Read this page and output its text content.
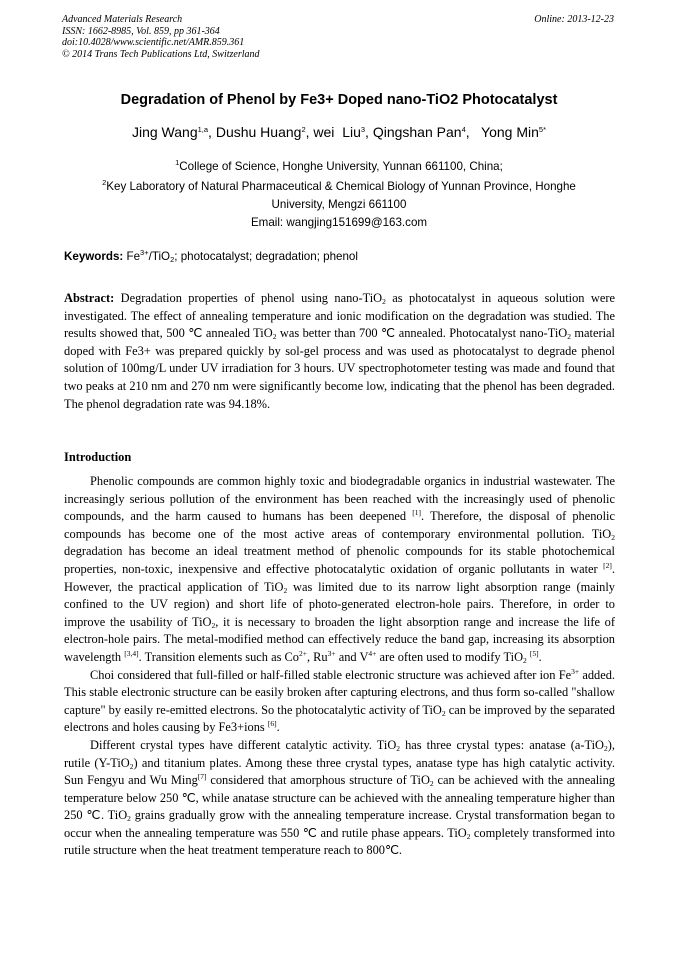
Advanced Materials Research
ISSN: 1662-8985, Vol. 859, pp 361-364
doi:10.4028/www.scientific.net/AMR.859.361
© 2014 Trans Tech Publications Ltd, Switzerland
Online: 2013-12-23
Degradation of Phenol by Fe3+ Doped nano-TiO2 Photocatalyst
Jing Wang$^{1,a}$, Dushu Huang$^2$, wei  Liu$^3$, Qingshan Pan$^4$,   Yong Min$^{5*}$
$^1$College of Science, Honghe University, Yunnan 661100, China;
$^2$Key Laboratory of Natural Pharmaceutical & Chemical Biology of Yunnan Province, Honghe
University, Mengzi 661100
Email: wangjing151699@163.com
Keywords: $Fe^{3+}/TiO_2$; photocatalyst; degradation; phenol

Abstract: Degradation properties of phenol using nano-TiO$_2$ as photocatalyst in aqueous solution were investigated. The effect of annealing temperature and ionic modification on the degradation was studied. The results showed that, 500 ℃ annealed TiO$_2$ was better than 700 ℃ annealed. Photocatalyst nano-TiO$_2$ material doped with Fe3+ was prepared quickly by sol-gel process and was used as photocatalyst to degrade phenol solution of 100mg/L under UV irradiation for 3 hours. UV spectrophotometer testing was made and found that two peaks at 210 nm and 270 nm were significantly become low, indicating that the phenol has been degraded. The phenol degradation rate was 94.18%.

Introduction

Phenolic compounds are common highly toxic and biodegradable organics in industrial wastewater. The increasingly serious pollution of the environment has been reached with the increasingly used of phenolic compounds, and the harm caused to humans has been deepened [1]. Therefore, the disposal of phenolic compounds has become one of the most active areas of contemporary environmental pollution. TiO$_2$ degradation has become an ideal treatment method of phenolic compounds for its stable photochemical properties, non-toxic, inexpensive and effective photocatalytic oxidation of organic pollutants in water [2]. However, the practical application of TiO$_2$ was limited due to its narrow light absorption range (mainly confined to the UV region) and short life of photo-generated electron-hole pairs. Therefore, in order to improve the usability of TiO$_2$, it is necessary to broaden the light absorption range and increase the life of electron-hole pairs. The metal-modified method can effectively reduce the band gap, increasing its absorption wavelength [3,4]. Transition elements such as $Co^{2+}$, $Ru^{3+}$ and $V^{4+}$ are often used to modify TiO$_2$ [5].

Choi considered that full-filled or half-filled stable electronic structure was achieved after ion $Fe^{3+}$ added. This stable electronic structure can be easily broken after capturing electrons, and thus form so-called "shallow capture" by easily re-emitted electrons. So the photocatalytic activity of TiO$_2$ can be improved by the separated electrons and holes causing by Fe3+ions [6].

Different crystal types have different catalytic activity. TiO$_2$ has three crystal types: anatase (a-TiO$_2$), rutile (Y-TiO$_2$) and titanium plates. Among these three crystal types, anatase type has high catalytic activity. Sun Fengyu and Wu Ming[7] considered that amorphous structure of TiO$_2$ can be achieved with the annealing temperature below 250 ℃, while anatase structure can be achieved with the annealing temperature higher than 250 ℃. TiO$_2$ grains gradually grow with the annealing temperature increase. Crystal transformation began to occur when the annealing temperature was 550 ℃ and rutile phase appears. TiO$_2$ completely transformed into rutile structure when the heat treatment temperature reach to 800℃.
